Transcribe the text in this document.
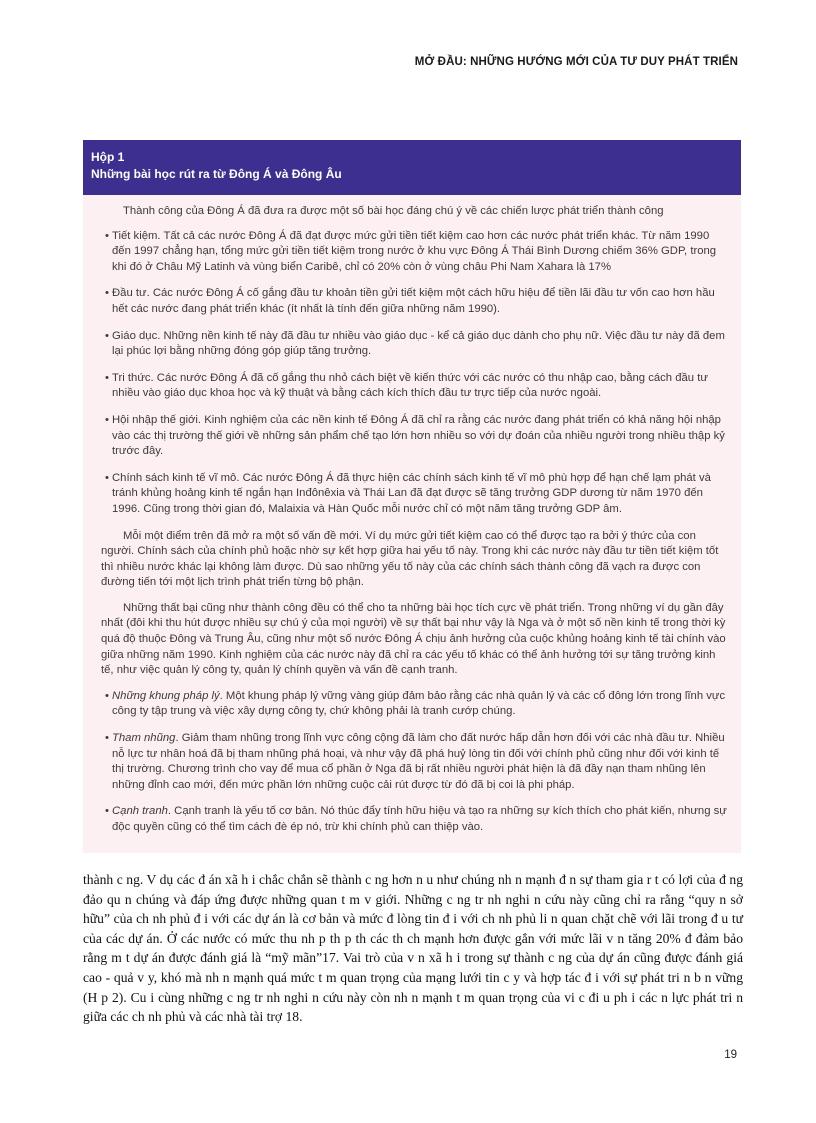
MỞ ĐẦU: NHỮNG HƯỚNG MỚI CỦA TƯ DUY PHÁT TRIỂN
Hộp 1
Những bài học rút ra từ Đông Á và Đông Âu

Thành công của Đông Á đã đưa ra được một số bài học đáng chú ý về các chiến lược phát triển thành công

• Tiết kiệm. Tất cả các nước Đông Á đã đạt được mức gửi tiền tiết kiệm cao hơn các nước phát triển khác. Từ năm 1990 đến 1997 chẳng hạn, tổng mức gửi tiền tiết kiệm trong nước ở khu vực Đông Á Thái Bình Dương chiếm 36% GDP, trong khi đó ở Châu Mỹ Latinh và vùng biển Caribê, chỉ có 20% còn ở vùng châu Phi Nam Xahara là 17%

• Đầu tư. Các nước Đông Á cố gắng đầu tư khoản tiền gửi tiết kiệm một cách hữu hiệu để tiền lãi đầu tư vốn cao hơn hầu hết các nước đang phát triển khác (ít nhất là tính đến giữa những năm 1990).

• Giáo dục. Những nền kinh tế này đã đầu tư nhiều vào giáo dục - kể cả giáo dục dành cho phụ nữ. Việc đầu tư này đã đem lại phúc lợi bằng những đóng góp giúp tăng trưởng.

• Tri thức. Các nước Đông Á đã cố gắng thu nhỏ cách biệt về kiến thức với các nước có thu nhập cao, bằng cách đầu tư nhiều vào giáo dục khoa học và kỹ thuật và bằng cách kích thích đầu tư trực tiếp của nước ngoài.

• Hội nhập thế giới. Kinh nghiệm của các nền kinh tế Đông Á đã chỉ ra rằng các nước đang phát triển có khả năng hội nhập vào các thị trường thế giới về những sản phẩm chế tạo lớn hơn nhiều so với dự đoán của nhiều người trong nhiều thập kỷ trước đây.

• Chính sách kinh tế vĩ mô. Các nước Đông Á đã thực hiện các chính sách kinh tế vĩ mô phù hợp để hạn chế lạm phát và tránh khủng hoảng kinh tế ngắn hạn Inđônêxia và Thái Lan đã đạt được sẽ tăng trưởng GDP dương từ năm 1970 đến 1996. Cũng trong thời gian đó, Malaixia và Hàn Quốc mỗi nước chỉ có một năm tăng trưởng GDP âm.

Mỗi một điểm trên đã mở ra một số vấn đề mới. Ví dụ mức gửi tiết kiệm cao có thể được tạo ra bởi ý thức của con người. Chính sách của chính phủ hoặc nhờ sự kết hợp giữa hai yếu tố này. Trong khi các nước này đầu tư tiền tiết kiệm tốt thì nhiều nước khác lại không làm được. Dù sao những yếu tố này của các chính sách thành công đã vạch ra được con đường tiến tới một lịch trình phát triển từng bộ phận.

Những thất bại cũng như thành công đều có thể cho ta những bài học tích cực về phát triển. Trong những ví dụ gần đây nhất (đôi khi thu hút được nhiều sự chú ý của mọi người) về sự thất bại như vậy là Nga và ở một số nền kinh tế trong thời kỳ quá độ thuộc Đông và Trung Âu, cũng như một số nước Đông Á chịu ảnh hưởng của cuộc khủng hoảng kinh tế tài chính vào giữa những năm 1990. Kinh nghiệm của các nước này đã chỉ ra các yếu tố khác có thể ảnh hưởng tới sự tăng trưởng kinh tế, như việc quản lý công ty, quản lý chính quyền và vấn đề cạnh tranh.

• Những khung pháp lý. Một khung pháp lý vững vàng giúp đảm bảo rằng các nhà quản lý và các cổ đông lớn trong lĩnh vực công ty tập trung và việc xây dựng công ty, chứ không phải là tranh cướp chúng.

• Tham nhũng. Giảm tham nhũng trong lĩnh vực công cộng đã làm cho đất nước hấp dẫn hơn đối với các nhà đầu tư. Nhiều nỗ lực tư nhân hoá đã bị tham nhũng phá hoại, và như vậy đã phá huỷ lòng tin đối với chính phủ cũng như đối với kinh tế thị trường. Chương trình cho vay để mua cổ phần ở Nga đã bị rất nhiều người phát hiện là đã đầy nạn tham nhũng lên những đỉnh cao mới, đến mức phần lớn những cuộc cải rút được từ đó đã bị coi là phi pháp.

• Cạnh tranh. Cạnh tranh là yếu tố cơ bản. Nó thúc đẩy tính hữu hiệu và tạo ra những sự kích thích cho phát kiến, nhưng sự độc quyền cũng có thể tìm cách đè ép nó, trừ khi chính phủ can thiệp vào.

thành c ng. V dụ các đ án xã h i chắc chắn sẽ thành c ng hơn n u như chúng nh n mạnh đ n sự tham gia r t có lợi của đ ng đảo qu n chúng và đáp ứng được những quan t m v giới. Những c ng tr nh nghi n cứu này cũng chỉ ra rằng “quy n sở hữu” của ch nh phủ đ i với các dự án là cơ bản và mức đ lòng tin đ i với ch nh phủ li n quan chặt chẽ với lãi trong đ u tư của các dự án. Ở các nước có mức thu nh p th p th các th ch mạnh hơn được gắn với mức lãi v n tăng 20% đ đảm bảo rằng m t dự án được đánh giá là “mỹ mãn”17. Vai trò của v n xã h i trong sự thành c ng của dự án cũng được đánh giá cao - quả v y, khó mà nh n mạnh quá mức t m quan trọng của mạng lưới tin c y và hợp tác đ i với sự phát tri n b n vững (H p 2). Cu i cùng những c ng tr nh nghi n cứu này còn nh n mạnh t m quan trọng của vi c đi u ph i các n lực phát tri n giữa các ch nh phủ và các nhà tài trợ 18.

19
